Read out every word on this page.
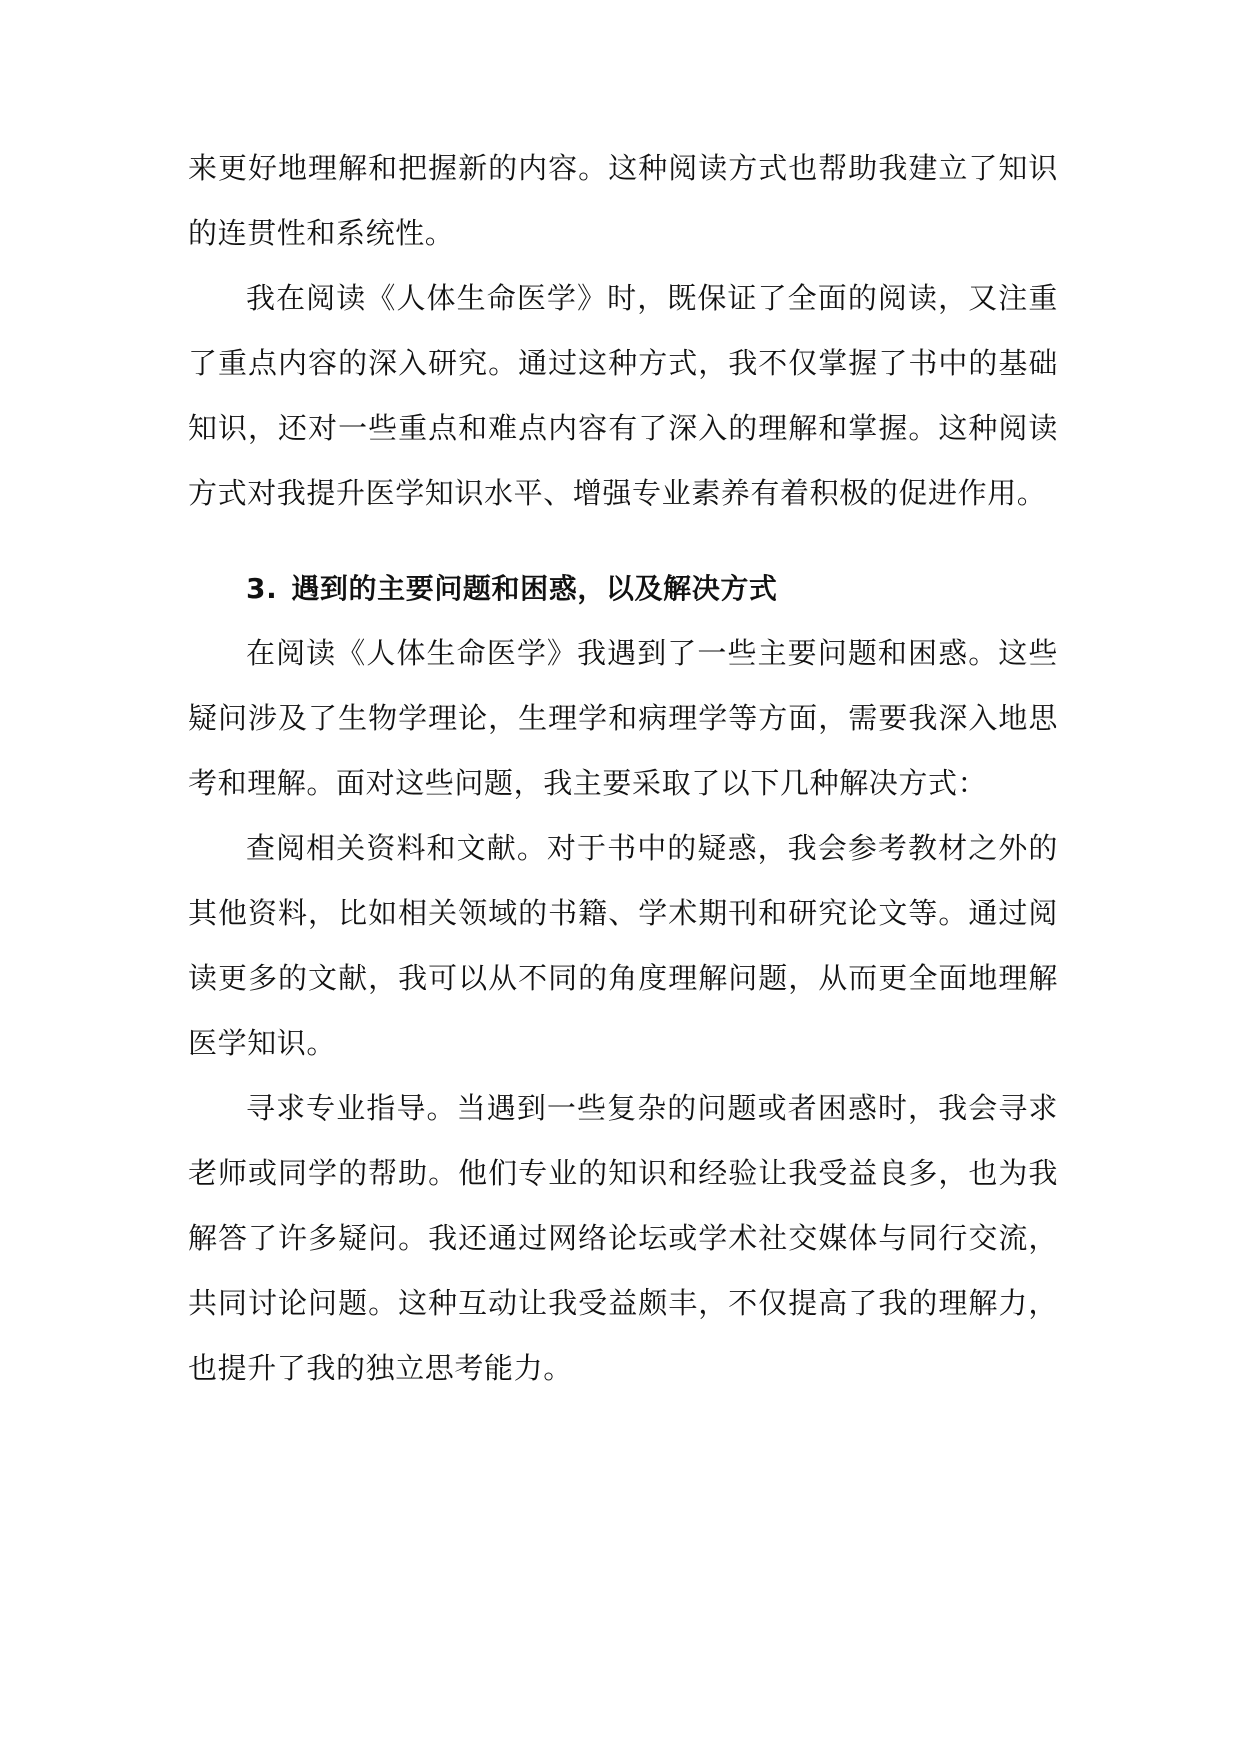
来更好地理解和把握新的内容。这种阅读方式也帮助我建立了知识的连贯性和系统性。

我在阅读《人体生命医学》时，既保证了全面的阅读，又注重了重点内容的深入研究。通过这种方式，我不仅掌握了书中的基础知识，还对一些重点和难点内容有了深入的理解和掌握。这种阅读方式对我提升医学知识水平、增强专业素养有着积极的促进作用。

3. 遇到的主要问题和困惑，以及解决方式

在阅读《人体生命医学》我遇到了一些主要问题和困惑。这些疑问涉及了生物学理论，生理学和病理学等方面，需要我深入地思考和理解。面对这些问题，我主要采取了以下几种解决方式：

查阅相关资料和文献。对于书中的疑惑，我会参考教材之外的其他资料，比如相关领域的书籍、学术期刊和研究论文等。通过阅读更多的文献，我可以从不同的角度理解问题，从而更全面地理解医学知识。

寻求专业指导。当遇到一些复杂的问题或者困惑时，我会寻求老师或同学的帮助。他们专业的知识和经验让我受益良多，也为我解答了许多疑问。我还通过网络论坛或学术社交媒体与同行交流，共同讨论问题。这种互动让我受益颇丰，不仅提高了我的理解力，也提升了我的独立思考能力。
